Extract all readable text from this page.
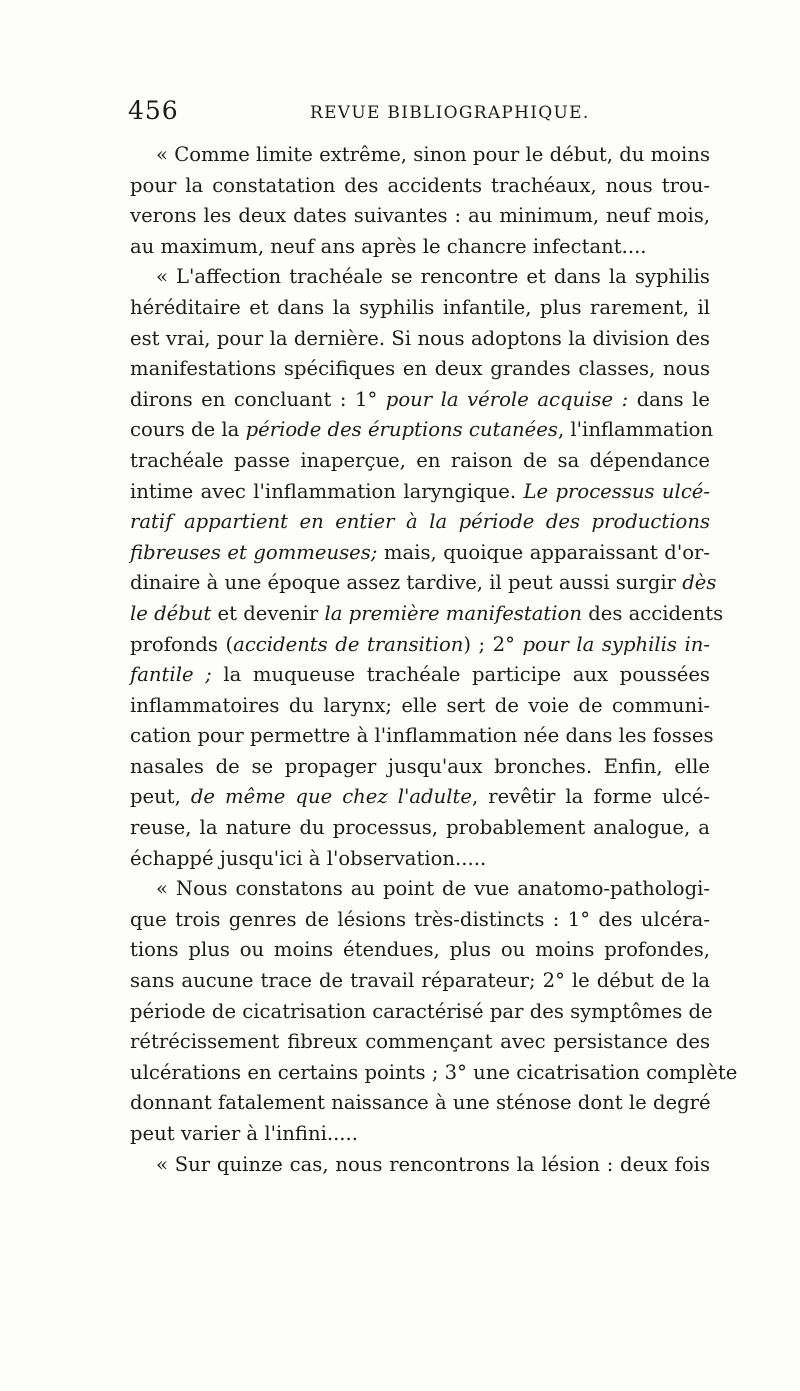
456	REVUE BIBLIOGRAPHIQUE.
« Comme limite extrême, sinon pour le début, du moins
pour la constatation des accidents trachéaux, nous trou-
verons les deux dates suivantes : au minimum, neuf mois,
au maximum, neuf ans après le chancre infectant....
« L'affection trachéale se rencontre et dans la syphilis
héréditaire et dans la syphilis infantile, plus rarement, il
est vrai, pour la dernière. Si nous adoptons la division des
manifestations spécifiques en deux grandes classes, nous
dirons en concluant : 1° pour la vérole acquise : dans le
cours de la période des éruptions cutanées, l'inflammation
trachéale passe inaperçue, en raison de sa dépendance
intime avec l'inflammation laryngique. Le processus ulcé-
ratif appartient en entier à la période des productions
fibreuses et gommeuses; mais, quoique apparaissant d'or-
dinaire à une époque assez tardive, il peut aussi surgir dès
le début et devenir la première manifestation des accidents
profonds (accidents de transition) ; 2° pour la syphilis in-
fantile ; la muqueuse trachéale participe aux poussées
inflammatoires du larynx; elle sert de voie de communi-
cation pour permettre à l'inflammation née dans les fosses
nasales de se propager jusqu'aux bronches. Enfin, elle
peut, de même que chez l'adulte, revêtir la forme ulcé-
reuse, la nature du processus, probablement analogue, a
échappé jusqu'ici à l'observation.....
« Nous constatons au point de vue anatomo-pathologi-
que trois genres de lésions très-distincts : 1° des ulcéra-
tions plus ou moins étendues, plus ou moins profondes,
sans aucune trace de travail réparateur; 2° le début de la
période de cicatrisation caractérisé par des symptômes de
rétrécissement fibreux commençant avec persistance des
ulcérations en certains points ; 3° une cicatrisation complète
donnant fatalement naissance à une sténose dont le degré
peut varier à l'infini.....
« Sur quinze cas, nous rencontrons la lésion : deux fois
